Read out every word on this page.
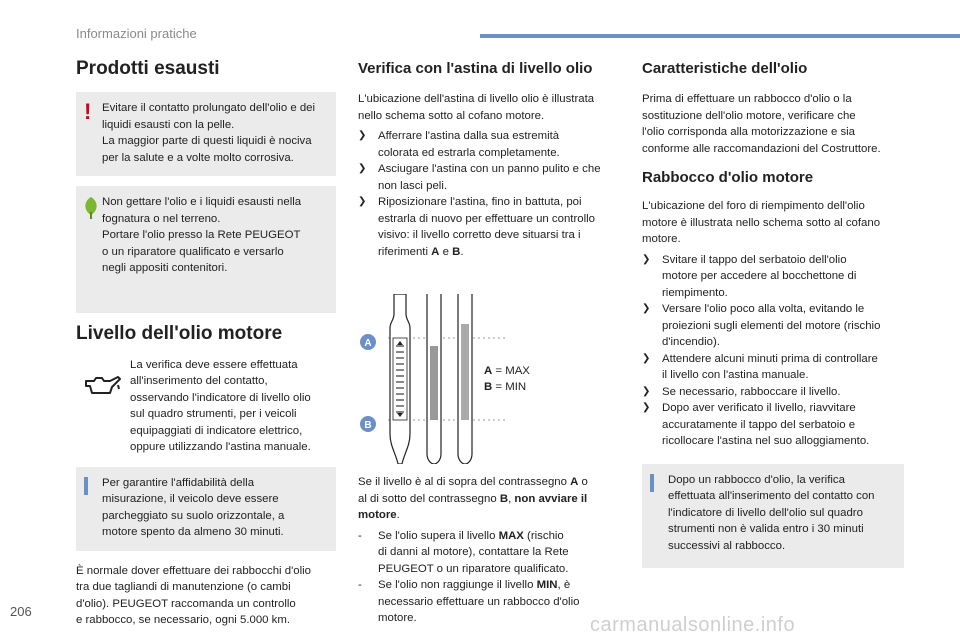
Informazioni pratiche
Prodotti esausti
! Evitare il contatto prolungato dell'olio e dei
liquidi esausti con la pelle.
La maggior parte di questi liquidi è nociva
per la salute e a volte molto corrosiva.
Non gettare l'olio e i liquidi esausti nella
fognatura o nel terreno.
Portare l'olio presso la Rete PEUGEOT
o un riparatore qualificato e versarlo
negli appositi contenitori.
Livello dell'olio motore
La verifica deve essere effettuata
all'inserimento del contatto,
osservando l'indicatore di livello olio
sul quadro strumenti, per i veicoli
equipaggiati di indicatore elettrico,
oppure utilizzando l'astina manuale.
Per garantire l'affidabilità della
misurazione, il veicolo deve essere
parcheggiato su suolo orizzontale, a
motore spento da almeno 30 minuti.

È normale dover effettuare dei rabbocchi d'olio
tra due tagliandi di manutenzione (o cambi
d'olio). PEUGEOT raccomanda un controllo
e rabbocco, se necessario, ogni 5.000 km.

Verifica con l'astina di livello olio

L'ubicazione dell'astina di livello olio è illustrata
nello schema sotto al cofano motore.

❯ Afferrare l'astina dalla sua estremità
colorata ed estrarla completamente.
❯ Asciugare l'astina con un panno pulito e che
non lasci peli.
❯ Riposizionare l'astina, fino in battuta, poi
estrarla di nuovo per effettuare un controllo
visivo: il livello corretto deve situarsi tra i
riferimenti A e B.
A
B
A = MAX
B = MIN

Se il livello è al di sopra del contrassegno A o
al di sotto del contrassegno B, non avviare il
motore.

- Se l'olio supera il livello MAX (rischio
di danni al motore), contattare la Rete
PEUGEOT o un riparatore qualificato.
- Se l'olio non raggiunge il livello MIN, è
necessario effettuare un rabbocco d'olio
motore.
Caratteristiche dell'olio

Prima di effettuare un rabbocco d'olio o la
sostituzione dell'olio motore, verificare che
l'olio corrisponda alla motorizzazione e sia
conforme alle raccomandazioni del Costruttore.

Rabbocco d'olio motore

L'ubicazione del foro di riempimento dell'olio
motore è illustrata nello schema sotto al cofano
motore.

❯ Svitare il tappo del serbatoio dell'olio
motore per accedere al bocchettone di
riempimento.
❯ Versare l'olio poco alla volta, evitando le
proiezioni sugli elementi del motore (rischio
d'incendio).
❯ Attendere alcuni minuti prima di controllare
il livello con l'astina manuale.
❯ Se necessario, rabboccare il livello.
❯ Dopo aver verificato il livello, riavvitare
accuratamente il tappo del serbatoio e
ricollocare l'astina nel suo alloggiamento.
Dopo un rabbocco d'olio, la verifica
effettuata all'inserimento del contatto con
l'indicatore di livello dell'olio sul quadro
strumenti non è valida entro i 30 minuti
successivi al rabbocco.
206
carmanualsonline.info
